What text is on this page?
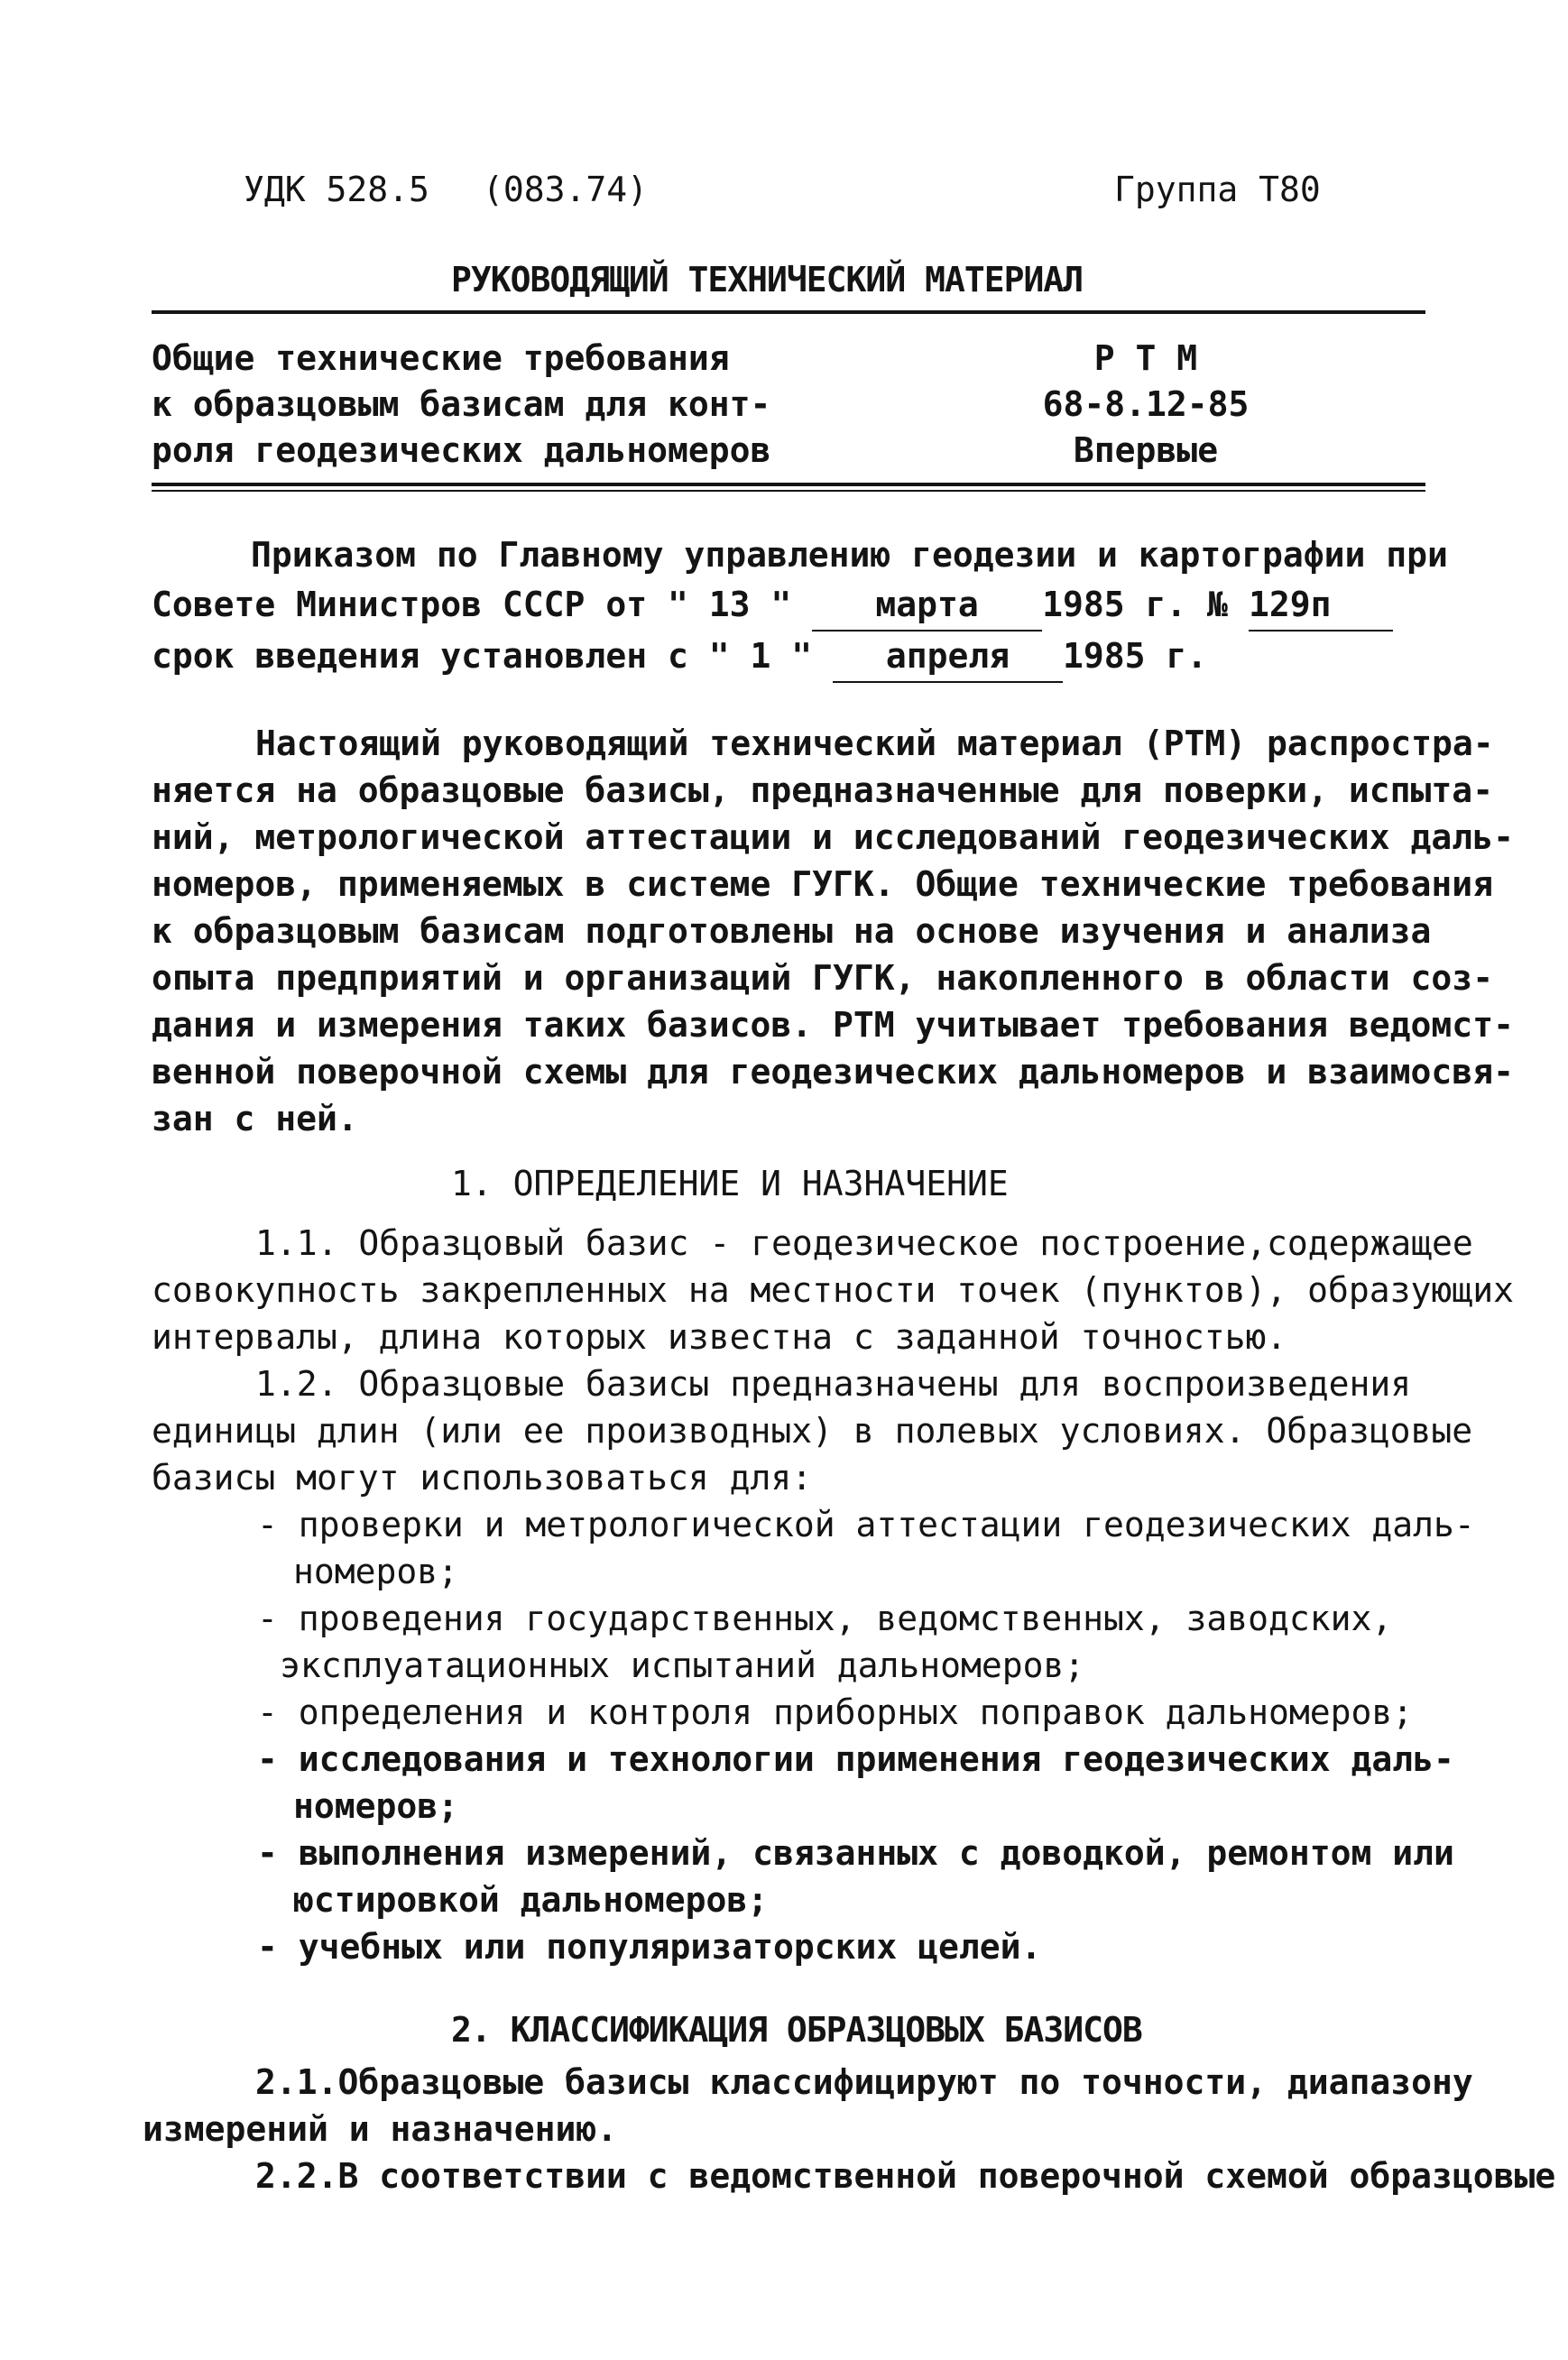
УДК 528.5 (083.74)	Группа Т80
РУКОВОДЯЩИЙ ТЕХНИЧЕСКИЙ МАТЕРИАЛ
Общие технические требования
к образцовым базисам для конт-
роля геодезических дальномеров
Р Т М
68-8.12-85
Впервые
Приказом по Главному управлению геодезии и картографии при
Совете Министров СССР от " 13 " марта 1985 г. № 129п
срок введения установлен с " 1 " апреля 1985 г.
Настоящий руководящий технический материал (РТМ) распростра-
няется на образцовые базисы, предназначенные для поверки, испыта-
ний, метрологической аттестации и исследований геодезических даль-
номеров, применяемых в системе ГУГК. Общие технические требования
к образцовым базисам подготовлены на основе изучения и анализа
опыта предприятий и организаций ГУГК, накопленного в области соз-
дания и измерения таких базисов. РТМ учитывает требования ведомст-
венной поверочной схемы для геодезических дальномеров и взаимосвя-
зан с ней.
1. ОПРЕДЕЛЕНИЕ И НАЗНАЧЕНИЕ
1.1. Образцовый базис - геодезическое построение,содержащее
совокупность закрепленных на местности точек (пунктов), образующих
интервалы, длина которых известна с заданной точностью.
1.2. Образцовые базисы предназначены для воспроизведения
единицы длин (или ее производных) в полевых условиях. Образцовые
базисы могут использоваться для:
- проверки и метрологической аттестации геодезических даль-
номеров;
- проведения государственных, ведомственных, заводских,
эксплуатационных испытаний дальномеров;
- определения и контроля приборных поправок дальномеров;
- исследования и технологии применения геодезических даль-
номеров;
- выполнения измерений, связанных с доводкой, ремонтом или
юстировкой дальномеров;
- учебных или популяризаторских целей.
2. КЛАССИФИКАЦИЯ ОБРАЗЦОВЫХ БАЗИСОВ
2.1.Образцовые базисы классифицируют по точности, диапазону
измерений и назначению.
2.2.В соответствии с ведомственной поверочной схемой образцовые
